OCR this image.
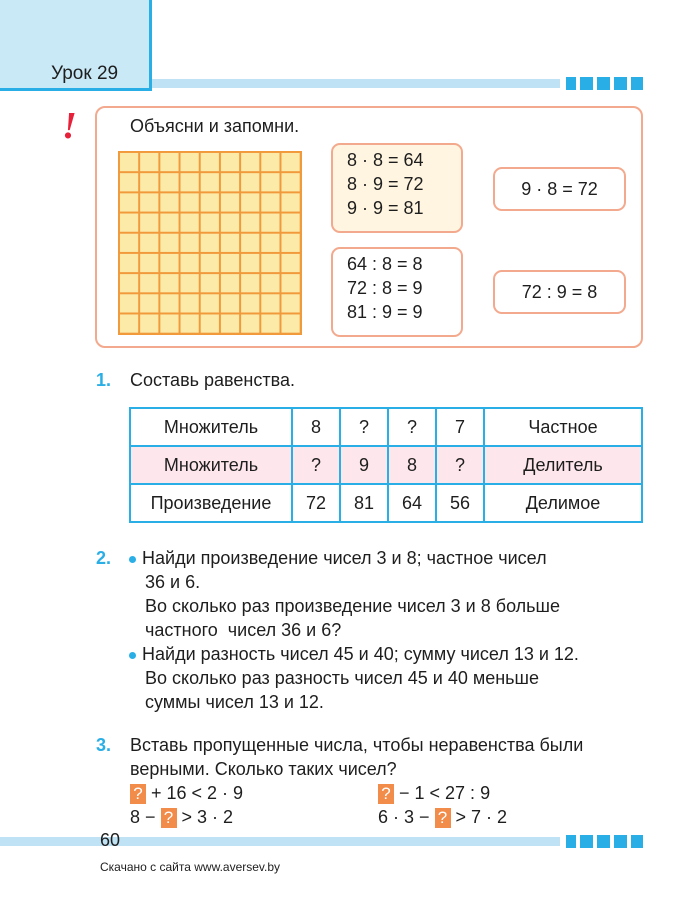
Урок 29
!	Объясни и запомни.
8 · 8 = 64
8 · 9 = 72
9 · 9 = 81
64 : 8 = 8
72 : 8 = 9
81 : 9 = 9
9 · 8 = 72
72 : 9 = 8
1. Составь равенства.
Множитель	8	?	?	7	Частное
Множитель	?	9	8	?	Делитель
Произведение	72	81	64	56	Делимое
2.	Найди произведение чисел 3 и 8; частное чисел
36 и 6.
Во сколько раз произведение чисел 3 и 8 больше
частного  чисел 36 и 6?
Найди разность чисел 45 и 40; сумму чисел 13 и 12.
Во сколько раз разность чисел 45 и 40 меньше
суммы чисел 13 и 12.
3. Вставь пропущенные числа, чтобы неравенства были
верными. Сколько таких чисел?
? + 16 < 2 · 9	? − 1 < 27 : 9
8 − ? > 3 · 2	6 · 3 − ? > 7 · 2
60
Скачано с сайта www.aversev.by
